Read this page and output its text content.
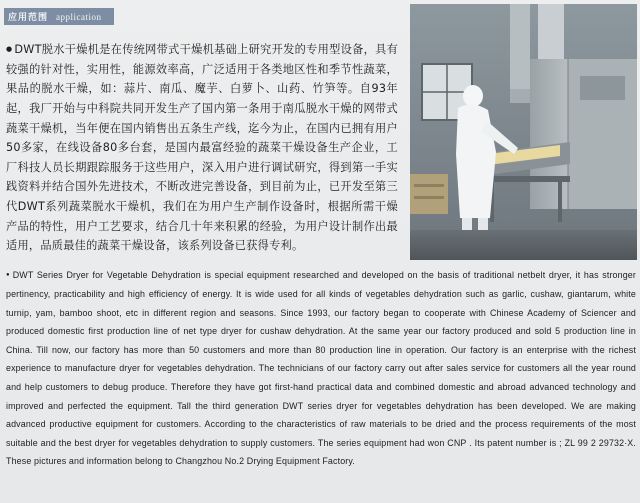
应用范围 application
● DWT脱水干燥机是在传统网带式干燥机基础上研究开发的专用型设备，具有较强的针对性，实用性，能源效率高，广泛适用于各类地区性和季节性蔬菜，果品的脱水干燥，如：蒜片、南瓜、魔芋、白萝卜、山药、竹笋等。自93年起，我厂开始与中科院共同开发生产了国内第一条用于南瓜脱水干燥的网带式蔬菜干燥机，当年便在国内销售出五条生产线，迄今为止，在国内已拥有用户50多家，在线设备80多台套，是国内最富经验的蔬菜干燥设备生产企业，工厂科技人员长期跟踪服务于这些用户，深入用户进行调试研究，得到第一手实践资料并结合国外先进技术，不断改进完善设备，到目前为止，已开发至第三代DWT系列蔬菜脱水干燥机，我们在为用户生产制作设备时，根据所需干燥产品的特性，用户工艺要求，结合几十年来积累的经验，为用户设计制作出最适用，品质最佳的蔬菜干燥设备，该系列设备已获得专利。
● DWT Series Dryer for Vegetable Dehydration is special equipment researched and developed on the basis of traditional netbelt dryer, it has stronger pertinency, practicability and high efficiency of energy. It is wide used for all kinds of vegetables dehydration such as garlic, cushaw, giantarum, white turnip, yam, bamboo shoot, etc in different region and seasons. Since 1993, our factory began to cooperate with Chinese Academy of Sciencer and produced domestic first production line of net type dryer for cushaw dehydration. At the same year our factory produced and sold 5 production line in China. Till now, our factory has more than 50 customers and more than 80 production line in operation. Our factory is an enterprise with the richest experience to manufacture dryer for vegetables dehydration. The technicians of our factory carry out after sales service for customers all the year round and help customers to debug produce. Therefore they have got first-hand practical data and combined domestic and abroad advanced technology and improved and perfected the equipment. Tall the third generation DWT series dryer for vegetables dehydration has been developed. We are making advanced productive equipment for customers. According to the characteristics of raw materials to be dried and the process requirements of the most suitable and the best dryer for vegetables dehydration to supply customers. The series equipment had won CNP . Its patent number is ; ZL 99 2 29732·X. These pictures and information belong to Changzhou No.2 Drying Equipment Factory.
